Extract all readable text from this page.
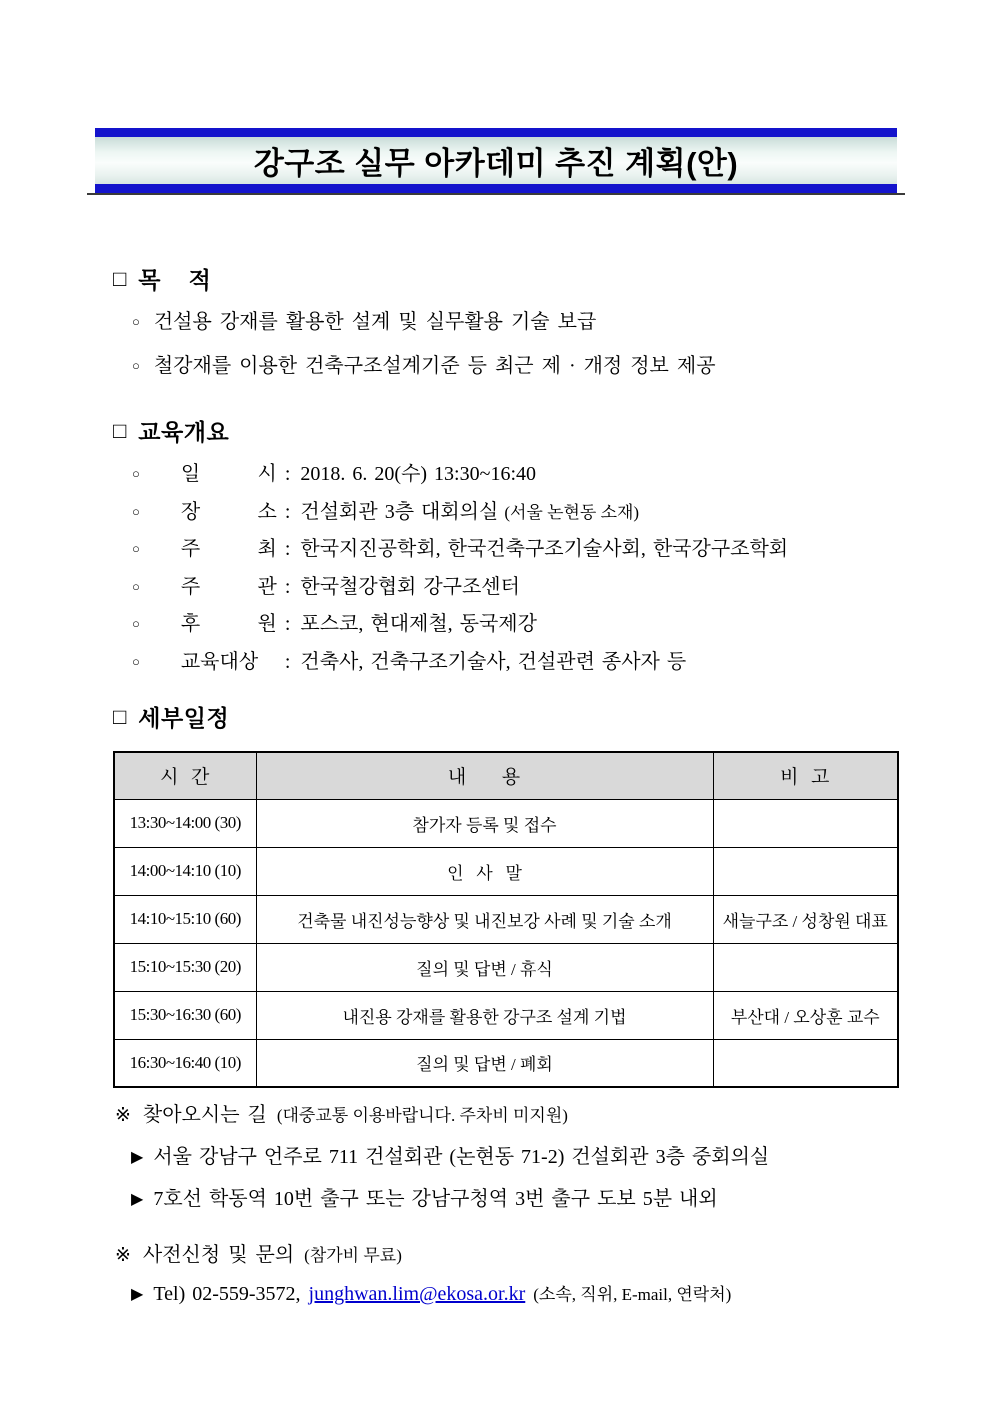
강구조 실무 아카데미 추진 계획(안)
□ 목    적
○ 건설용 강재를 활용한 설계 및 실무활용 기술 보급
○ 철강재를 이용한 건축구조설계기준 등 최근 제 · 개정 정보 제공
□ 교육개요
○ 일 시 : 2018. 6. 20(수) 13:30~16:40
○ 장 소 : 건설회관 3층 대회의실 (서울 논현동 소재)
○ 주 최 : 한국지진공학회, 한국건축구조기술사회, 한국강구조학회
○ 주 관 : 한국철강협회 강구조센터
○ 후 원 : 포스코, 현대제철, 동국제강
○ 교육대상	: 건축사, 건축구조기술사, 건설관련 종사자 등
□ 세부일정
시  간	내      용	비  고
13:30~14:00 (30)	참가자 등록 및 접수	
14:00~14:10 (10)	인   사   말	
14:10~15:10 (60)	건축물 내진성능향상 및 내진보강 사례 및 기술 소개	새늘구조 / 성창원 대표
15:10~15:30 (20)	질의 및 답변 / 휴식	
15:30~16:30 (60)	내진용 강재를 활용한 강구조 설계 기법	부산대 / 오상훈 교수
16:30~16:40 (10)	질의 및 답변 / 폐회	
※ 찾아오시는 길 (대중교통 이용바랍니다. 주차비 미지원)
▶ 서울 강남구 언주로 711 건설회관 (논현동 71-2) 건설회관 3층 중회의실
▶ 7호선 학동역 10번 출구 또는 강남구청역 3번 출구 도보 5분 내외
※ 사전신청 및 문의 (참가비 무료)
▶ Tel) 02-559-3572, junghwan.lim@ekosa.or.kr (소속, 직위, E-mail, 연락처)
